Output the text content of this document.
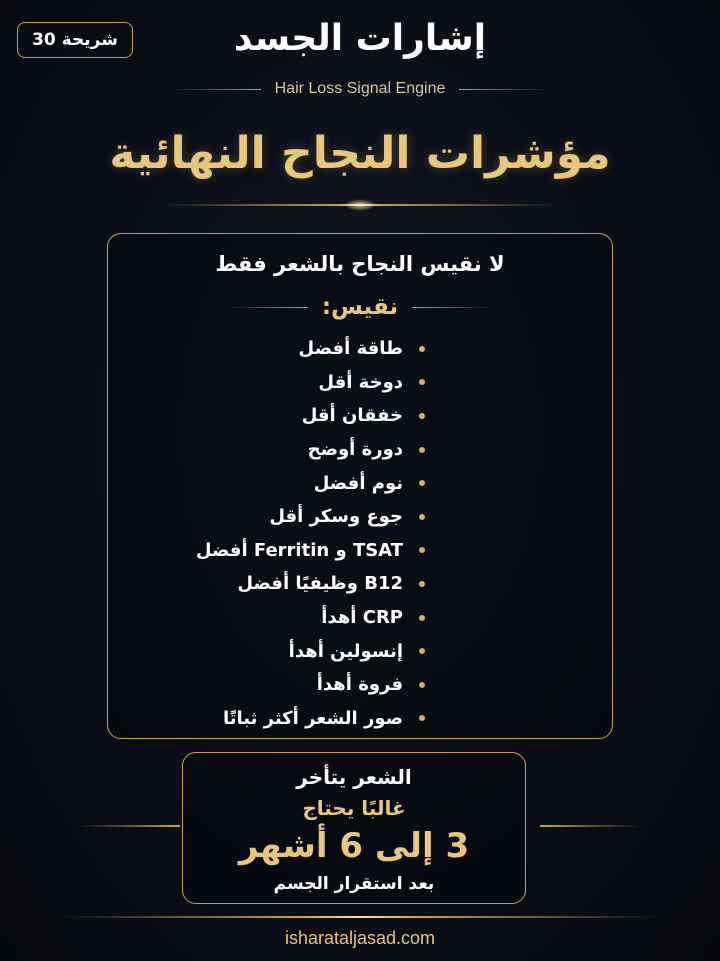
شريحة 30	إشارات الجسد
Hair Loss Signal Engine
مؤشرات النجاح النهائية
لا نقيس النجاح بالشعر فقط
نقيس:
طاقة أفضل
دوخة أقل
خفقان أقل
دورة أوضح
نوم أفضل
جوع وسكر أقل
TSAT و Ferritin أفضل
B12 وظيفيًا أفضل
CRP أهدأ
إنسولين أهدأ
فروة أهدأ
صور الشعر أكثر ثباتًا
الشعر يتأخر
غالبًا يحتاج
3 إلى 6 أشهر
بعد استقرار الجسم
isharataljasad.com
